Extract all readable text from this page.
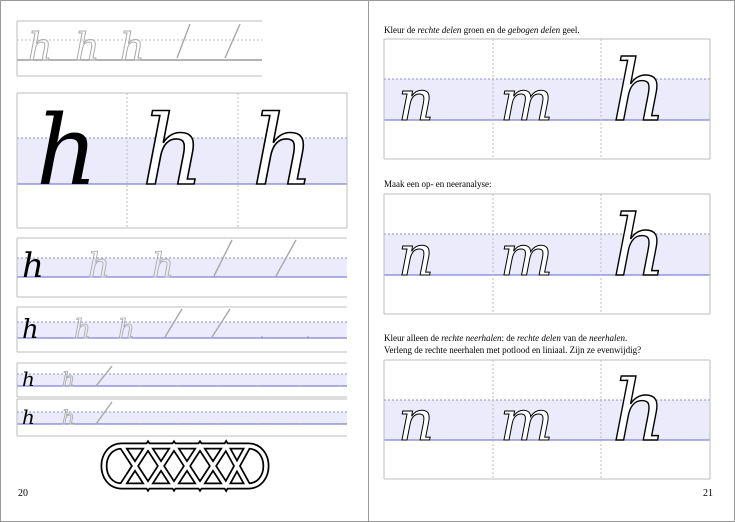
h h h
h h h
h h h
h h h
h h
h h
n m h
n m h
n m h
20	21
Kleur de rechte delen groen en de gebogen delen geel.
Maak een op- en neeranalyse:
Kleur alleen de rechte neerhalen: de rechte delen van de neerhalen.
Verleng de rechte neerhalen met potlood en liniaal. Zijn ze evenwijdig?
